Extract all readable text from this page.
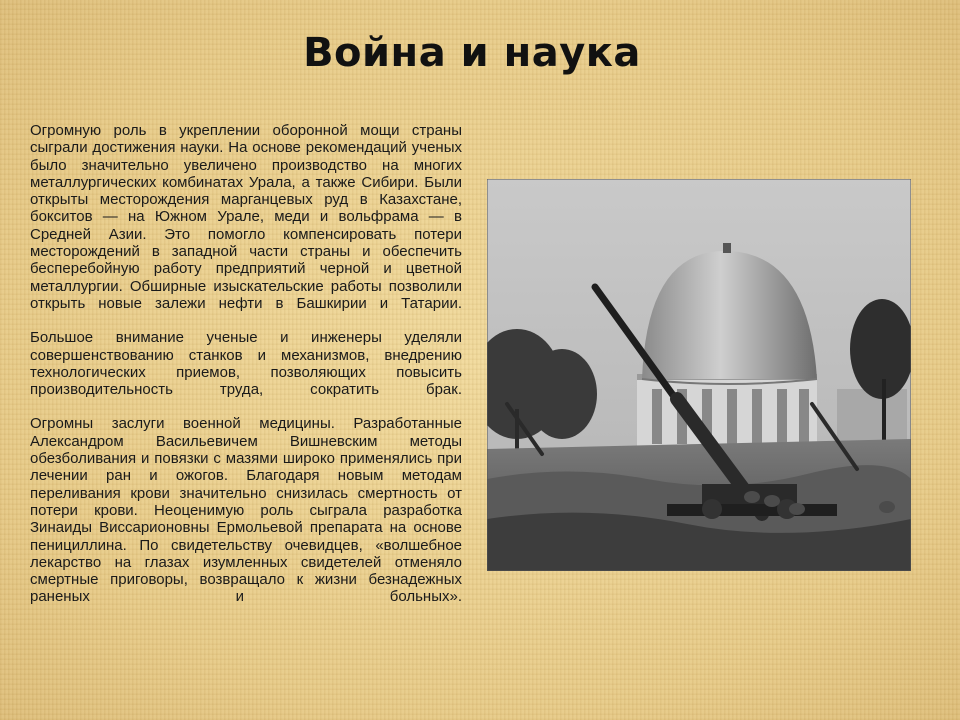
Война и наука

Огромную роль в укреплении оборонной мощи страны сыграли достижения науки. На основе рекомендаций ученых было значительно увеличено производство на многих металлургических комбинатах Урала, а также Сибири. Были открыты месторождения марганцевых руд в Казахстане, бокситов — на Южном Урале, меди и вольфрама — в Средней Азии. Это помогло компенсировать потери месторождений в западной части страны и обеспечить бесперебойную работу предприятий черной и цветной металлургии. Обширные изыскательские работы позволили открыть новые залежи нефти в Башкирии и Татарии.

Большое внимание ученые и инженеры уделяли совершенствованию станков и механизмов, внедрению технологических приемов, позволяющих повысить производительность труда, сократить брак.

Огромны заслуги военной медицины. Разработанные Александром Васильевичем Вишневским методы обезболивания и повязки с мазями широко применялись при лечении ран и ожогов. Благодаря новым методам переливания крови значительно снизилась смертность от потери крови. Неоценимую роль сыграла разработка Зинаиды Виссарионовны Ермольевой препарата на основе пенициллина. По свидетельству очевидцев, «волшебное лекарство на глазах изумленных свидетелей отменяло смертные приговоры, возвращало к жизни безнадежных раненых и больных».
